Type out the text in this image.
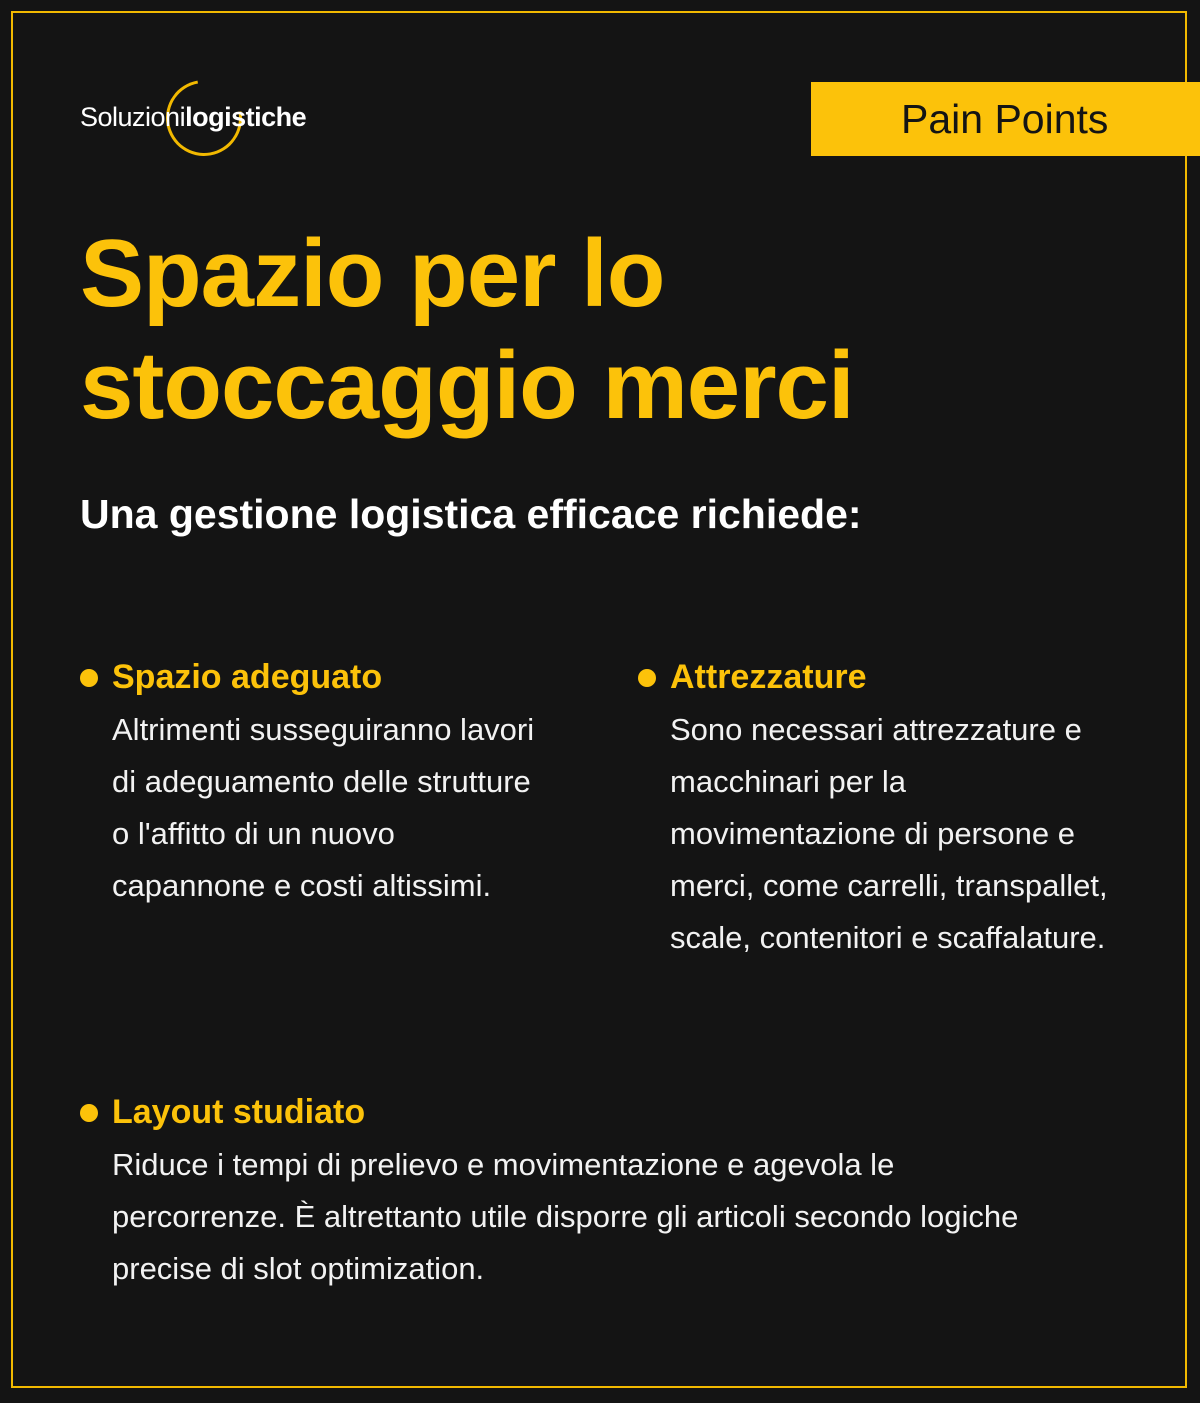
Soluzionilogistiche	Pain Points
Spazio per lo
stoccaggio merci
Una gestione logistica efficace richiede:
Spazio adeguato
Altrimenti susseguiranno lavori di adeguamento delle strutture o l'affitto di un nuovo capannone e costi altissimi.
Attrezzature
Sono necessari attrezzature e macchinari per la movimentazione di persone e merci, come carrelli, transpallet, scale, contenitori e scaffalature.
Layout studiato
Riduce i tempi di prelievo e movimentazione e agevola le percorrenze. È altrettanto utile disporre gli articoli secondo logiche precise di slot optimization.
